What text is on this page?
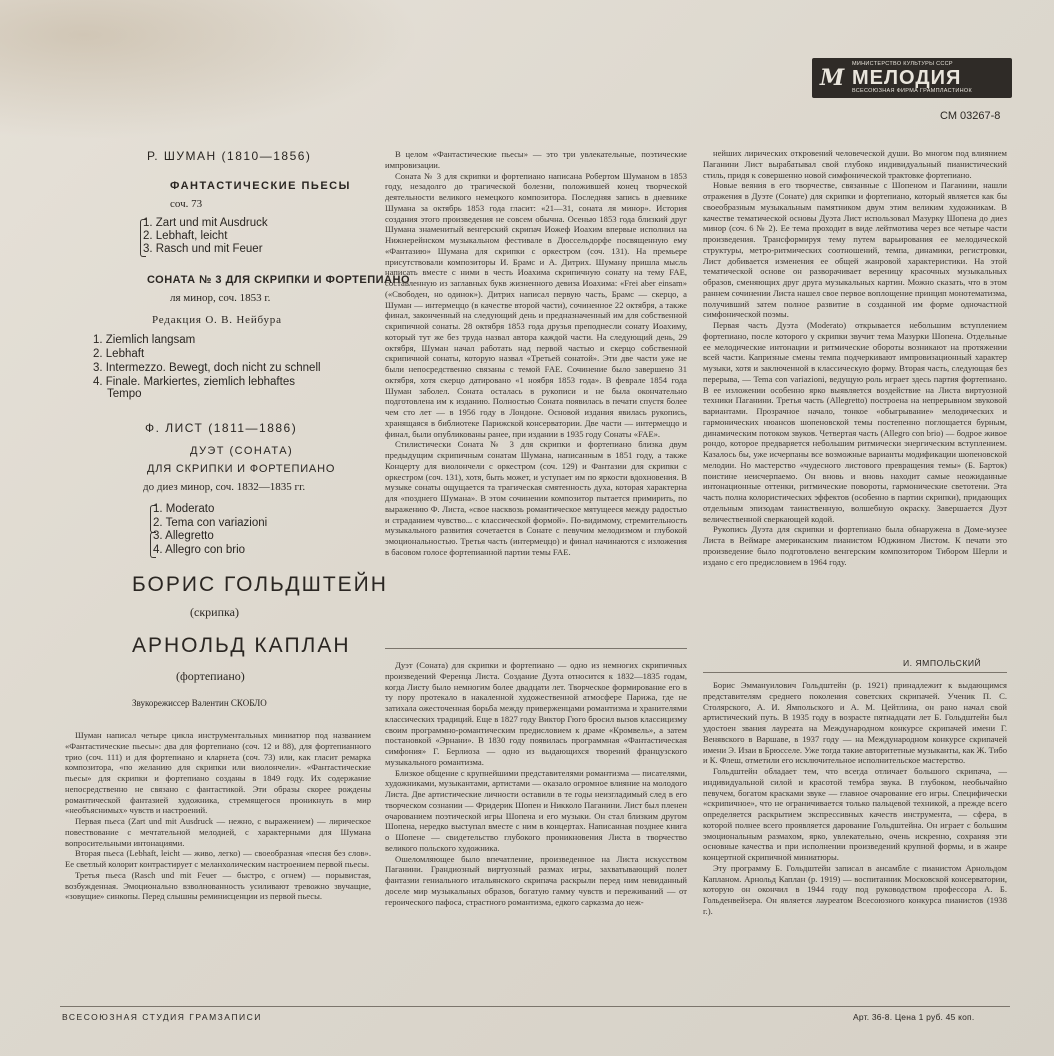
М
МИНИСТЕРСТВО КУЛЬТУРЫ СССР
МЕЛОДИЯ
ВСЕСОЮЗНАЯ ФИРМА ГРАМПЛАСТИНОК
СМ 03267-8
Р. ШУМАН (1810—1856)
ФАНТАСТИЧЕСКИЕ ПЬЕСЫ
соч. 73
1. Zart und mit Ausdruck
2. Lebhaft, leicht
3. Rasch und mit Feuer
СОНАТА № 3 ДЛЯ СКРИПКИ И ФОРТЕПИАНО
ля минор, соч. 1853 г.
Редакция О. В. Нейбура
1. Ziemlich langsam
2. Lebhaft
3. Intermezzo. Bewegt, doch nicht zu schnell
4. Finale. Markiertes, ziemlich lebhaftes
Tempo
Ф. ЛИСТ (1811—1886)
ДУЭТ (СОНАТА)
ДЛЯ СКРИПКИ И ФОРТЕПИАНО
до диез минор, соч. 1832—1835 гг.
1. Moderato
2. Tema con variazioni
3. Allegretto
4. Allegro con brio
БОРИС ГОЛЬДШТЕЙН
(скрипка)
АРНОЛЬД КАПЛАН
(фортепиано)
Звукорежиссер Валентин СКОБЛО

Шуман написал четыре цикла инструментальных миниатюр под названием «Фантастические пьесы»: два для фортепиано (соч. 12 и 88), для фортепианного трио (соч. 111) и для фортепиано и кларнета (соч. 73) или, как гласит ремарка композитора, «по желанию для скрипки или виолончели». «Фантастические пьесы» для скрипки и фортепиано созданы в 1849 году. Их содержание непосредственно не связано с фантастикой. Эти образы скорее рождены романтической фантазией художника, стремящегося проникнуть в мир «необъяснимых» чувств и настроений.

Первая пьеса (Zart und mit Ausdruck — нежно, с выражением) — лирическое повествование с мечтательной мелодией, с характерными для Шумана вопросительными интонациями.

Вторая пьеса (Lebhaft, leicht — живо, легко) — своеобразная «песня без слов». Ее светлый колорит контрастирует с меланхолическим настроением первой пьесы.

Третья пьеса (Rasch und mit Feuer — быстро, с огнем) — порывистая, возбужденная. Эмоционально взволнованность усиливают тревожно звучащие, «зовущие» синкопы. Перед слышны реминисценции из первой пьесы.

В целом «Фантастические пьесы» — это три увлекательные, поэтические импровизации.

Соната № 3 для скрипки и фортепиано написана Робертом Шуманом в 1853 году, незадолго до трагической болезни, положившей конец творческой деятельности великого немецкого композитора. Последняя запись в дневнике Шумана за октябрь 1853 года гласит: «21—31, соната ля минор». История создания этого произведения не совсем обычна. Осенью 1853 года близкий друг Шумана знаменитый венгерский скрипач Иожеф Иоахим впервые исполнил на Нижнерейнском музыкальном фестивале в Дюссельдорфе посвященную ему «Фантазию» Шумана для скрипки с оркестром (соч. 131). На премьере присутствовали композиторы И. Брамс и А. Дитрих. Шуману пришла мысль написать вместе с ними в честь Иоахима скрипичную сонату на тему FAE, составленную из заглавных букв жизненного девиза Иоахима: «Frei aber einsam» («Свободен, но одинок»). Дитрих написал первую часть, Брамс — скерцо, а Шуман — интермеццо (в качестве второй части), сочиненное 22 октября, а также финал, законченный на следующий день и предназначенный им для собственной скрипичной сонаты. 28 октября 1853 года друзья преподнесли сонату Иоахиму, который тут же без труда назвал автора каждой части. На следующий день, 29 октября, Шуман начал работать над первой частью и скерцо собственной скрипичной сонаты, которую назвал «Третьей сонатой». Эти две части уже не были непосредственно связаны с темой FAE. Сочинение было завершено 31 октября, хотя скерцо датировано «1 ноября 1853 года». В феврале 1854 года Шуман заболел. Соната осталась в рукописи и не была окончательно подготовлена им к изданию. Полностью Соната появилась в печати спустя более чем сто лет — в 1956 году в Лондоне. Основой издания явилась рукопись, хранящаяся в библиотеке Парижской консерватории. Две части — интермеццо и финал, были опубликованы ранее, при издании в 1935 году Сонаты «FAE».

Стилистически Соната № 3 для скрипки и фортепиано близка двум предыдущим скрипичным сонатам Шумана, написанным в 1851 году, а также Концерту для виолончели с оркестром (соч. 129) и Фантазии для скрипки с оркестром (соч. 131), хотя, быть может, и уступает им по яркости вдохновения. В музыке сонаты ощущается та трагическая смятенность духа, которая характерна для «позднего Шумана». В этом сочинении композитор пытается примирить, по выражению Ф. Листа, «свое насквозь романтическое мятущееся между радостью и страданием чувство... с классической формой». По-видимому, стремительность музыкального развития сочетается в Сонате с певучим мелодизмом и глубокой эмоциональностью. Третья часть (интермеццо) и финал начинаются с изложения в басовом голосе фортепианной партии темы FAE.

Дуэт (Соната) для скрипки и фортепиано — одно из немногих скрипичных произведений Ференца Листа. Создание Дуэта относится к 1832—1835 годам, когда Листу было немногим более двадцати лет. Творческое формирование его в ту пору протекало в накаленной художественной атмосфере Парижа, где не затихала ожесточенная борьба между приверженцами романтизма и хранителями классических традиций. Еще в 1827 году Виктор Гюго бросил вызов классицизму своим программно-романтическим предисловием к драме «Кромвель», а затем постановкой «Эрнани». В 1830 году появилась программная «Фантастическая симфония» Г. Берлиоза — одно из выдающихся творений французского музыкального романтизма.

Близкое общение с крупнейшими представителями романтизма — писателями, художниками, музыкантами, артистами — оказало огромное влияние на молодого Листа. Две артистические личности оставили в те годы неизгладимый след в его творческом сознании — Фридерик Шопен и Никколо Паганини. Лист был пленен очарованием поэтической игры Шопена и его музыки. Он стал близким другом Шопена, нередко выступал вместе с ним в концертах. Написанная позднее книга о Шопене — свидетельство глубокого проникновения Листа в творчество великого польского художника.

Ошеломляющее было впечатление, произведенное на Листа искусством Паганини. Грандиозный виртуозный размах игры, захватывающий полет фантазии гениального итальянского скрипача раскрыли перед ним невиданный доселе мир музыкальных образов, богатую гамму чувств и переживаний — от героического пафоса, страстного романтизма, едкого сарказма до неж-

нейших лирических откровений человеческой души. Во многом под влиянием Паганини Лист вырабатывал свой глубоко индивидуальный пианистический стиль, придя к совершенно новой симфонической трактовке фортепиано.

Новые веяния в его творчестве, связанные с Шопеном и Паганини, нашли отражения в Дуэте (Сонате) для скрипки и фортепиано, который является как бы своеобразным музыкальным памятником двум этим великим художникам. В качестве тематической основы Дуэта Лист использовал Мазурку Шопена до диез минор (соч. 6 № 2). Ее тема проходит в виде лейтмотива через все четыре части произведения. Трансформируя тему путем варьирования ее мелодической структуры, метро-ритмических соотношений, темпа, динамики, регистровки, Лист добивается изменения ее общей жанровой характеристики. На этой тематической основе он разворачивает вереницу красочных музыкальных образов, сменяющих друг друга музыкальных картин. Можно сказать, что в этом раннем сочинении Листа нашел свое первое воплощение принцип монотематизма, получивший затем полное развитие в созданной им форме одночастной симфонической поэмы.

Первая часть Дуэта (Moderato) открывается небольшим вступлением фортепиано, после которого у скрипки звучит тема Мазурки Шопена. Отдельные ее мелодические интонации и ритмические обороты возникают на протяжении всей части. Капризные смены темпа подчеркивают импровизационный характер музыки, хотя и заключенной в классическую форму. Вторая часть, следующая без перерыва, — Tema con variazioni, ведущую роль играет здесь партия фортепиано. В ее изложении особенно ярко выявляется воздействие на Листа виртуозной техники Паганини. Третья часть (Allegretto) построена на непрерывном звуковой вариантами. Прозрачное начало, тонкое «обыгрывание» мелодических и гармонических нюансов шопеновской темы постепенно поглощается бурным, динамическим потоком звуков. Четвертая часть (Allegro con brio) — бодрое живое рондо, которое предваряется небольшим ритмически энергическим вступлением. Казалось бы, уже исчерпаны все возможные варианты модификации шопеновской мелодии. Но мастерство «чудесного листового превращения темы» (Б. Барток) поистине неисчерпаемо. Он вновь и вновь находит самые неожиданные интонационные оттенки, ритмические повороты, гармонические светотени. Эта часть полна колористических эффектов (особенно в партии скрипки), придающих отдельным эпизодам таинственную, волшебную окраску. Завершается Дуэт величественной сверкающей кодой.

Рукопись Дуэта для скрипки и фортепиано была обнаружена в Доме-музее Листа в Веймаре американским пианистом Юджином Листом. К печати это произведение было подготовлено венгерским композитором Тибором Шерли и издано с его предисловием в 1964 году.

И. ЯМПОЛЬСКИЙ

Борис Эммануилович Гольдштейн (р. 1921) принадлежит к выдающимся представителям среднего поколения советских скрипачей. Ученик П. С. Столярского, А. И. Ямпольского и А. М. Цейтлина, он рано начал свой артистический путь. В 1935 году в возрасте пятнадцати лет Б. Гольдштейн был удостоен звания лауреата на Международном конкурсе скрипачей имени Г. Венявского в Варшаве, в 1937 году — на Международном конкурсе скрипачей имени Э. Изаи в Брюсселе. Уже тогда такие авторитетные музыканты, как Ж. Тибо и К. Флеш, отметили его исключительное исполнительское мастерство.

Гольдштейн обладает тем, что всегда отличает большого скрипача, — индивидуальной силой и красотой тембра звука. В глубоком, необычайно певучем, богатом красками звуке — главное очарование его игры. Специфически «скрипичное», что не ограничивается только пальцевой техникой, а прежде всего определяется раскрытием экспрессивных качеств инструмента, — сфера, в которой полнее всего проявляется дарование Гольдштейна. Он играет с большим эмоциональным размахом, ярко, увлекательно, очень искренно, сохраняя эти основные качества и при исполнении произведений крупной формы, и в жанре концертной скрипичной миниатюры.

Эту программу Б. Гольдштейн записал в ансамбле с пианистом Арнольдом Капланом. Арнольд Каплан (р. 1919) — воспитанник Московской консерватории, которую он окончил в 1944 году под руководством профессора А. Б. Гольденвейзера. Он является лауреатом Всесоюзного конкурса пианистов (1938 г.).

ВСЕСОЮЗНАЯ СТУДИЯ ГРАМЗАПИСИ	Арт. 36-8. Цена 1 руб. 45 коп.
